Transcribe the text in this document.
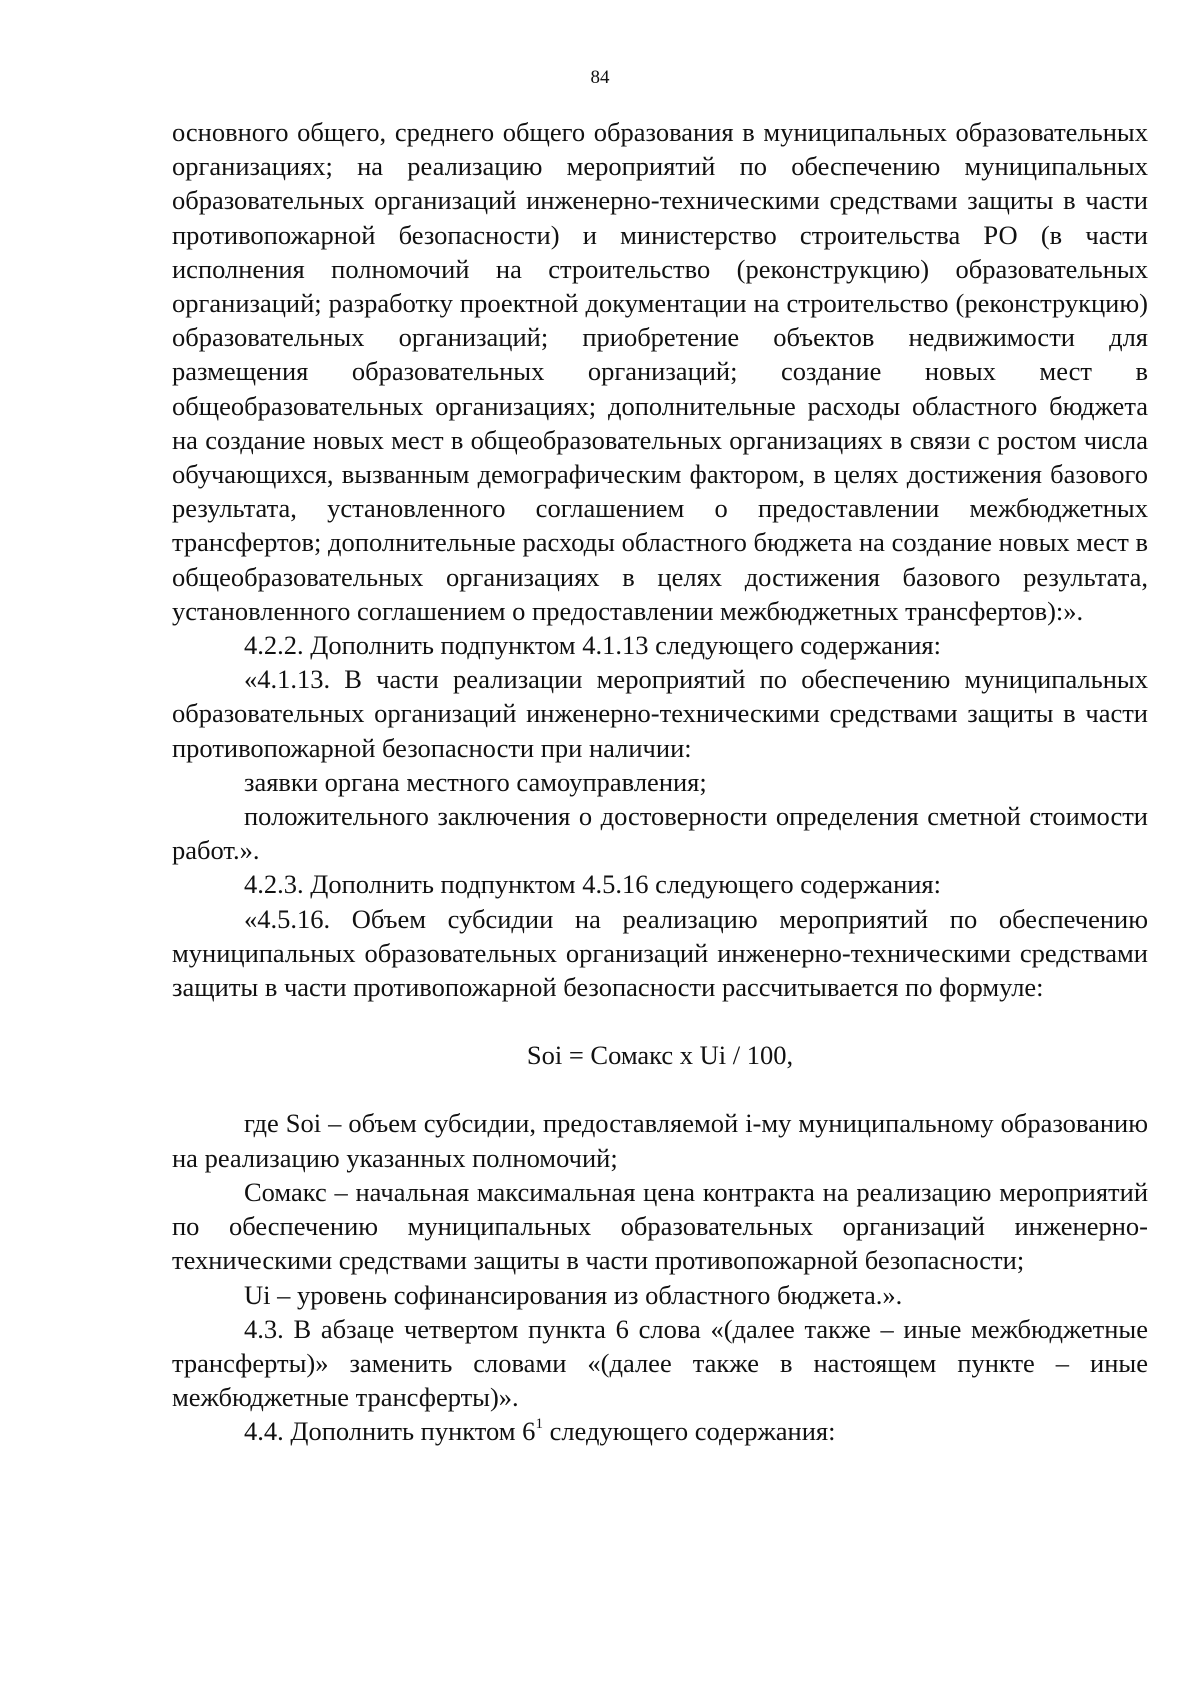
84

основного общего, среднего общего образования в муниципальных образовательных организациях; на реализацию мероприятий по обеспечению муниципальных образовательных организаций инженерно-техническими средствами защиты в части противопожарной безопасности) и министерство строительства РО (в части исполнения полномочий на строительство (реконструкцию) образовательных организаций; разработку проектной документации на строительство (реконструкцию) образовательных организаций; приобретение объектов недвижимости для размещения образовательных организаций; создание новых мест в общеобразовательных организациях; дополнительные расходы областного бюджета на создание новых мест в общеобразовательных организациях в связи с ростом числа обучающихся, вызванным демографическим фактором, в целях достижения базового результата, установленного соглашением о предоставлении межбюджетных трансфертов; дополнительные расходы областного бюджета на создание новых мест в общеобразовательных организациях в целях достижения базового результата, установленного соглашением о предоставлении межбюджетных трансфертов):».

4.2.2. Дополнить подпунктом 4.1.13 следующего содержания:

«4.1.13. В части реализации мероприятий по обеспечению муниципальных образовательных организаций инженерно-техническими средствами защиты в части противопожарной безопасности при наличии:

заявки органа местного самоуправления;

положительного заключения о достоверности определения сметной стоимости работ.».

4.2.3. Дополнить подпунктом 4.5.16 следующего содержания:

«4.5.16. Объем субсидии на реализацию мероприятий по обеспечению муниципальных образовательных организаций инженерно-техническими средствами защиты в части противопожарной безопасности рассчитывается по формуле:

Soi = Сомакс x Ui / 100,

где Soi – объем субсидии, предоставляемой i-му муниципальному образованию на реализацию указанных полномочий;

Сомакс – начальная максимальная цена контракта на реализацию мероприятий по обеспечению муниципальных образовательных организаций инженерно-техническими средствами защиты в части противопожарной безопасности;

Ui – уровень софинансирования из областного бюджета.».

4.3. В абзаце четвертом пункта 6 слова «(далее также – иные межбюджетные трансферты)» заменить словами «(далее также в настоящем пункте – иные межбюджетные трансферты)».

4.4. Дополнить пунктом $6^1$ следующего содержания:
